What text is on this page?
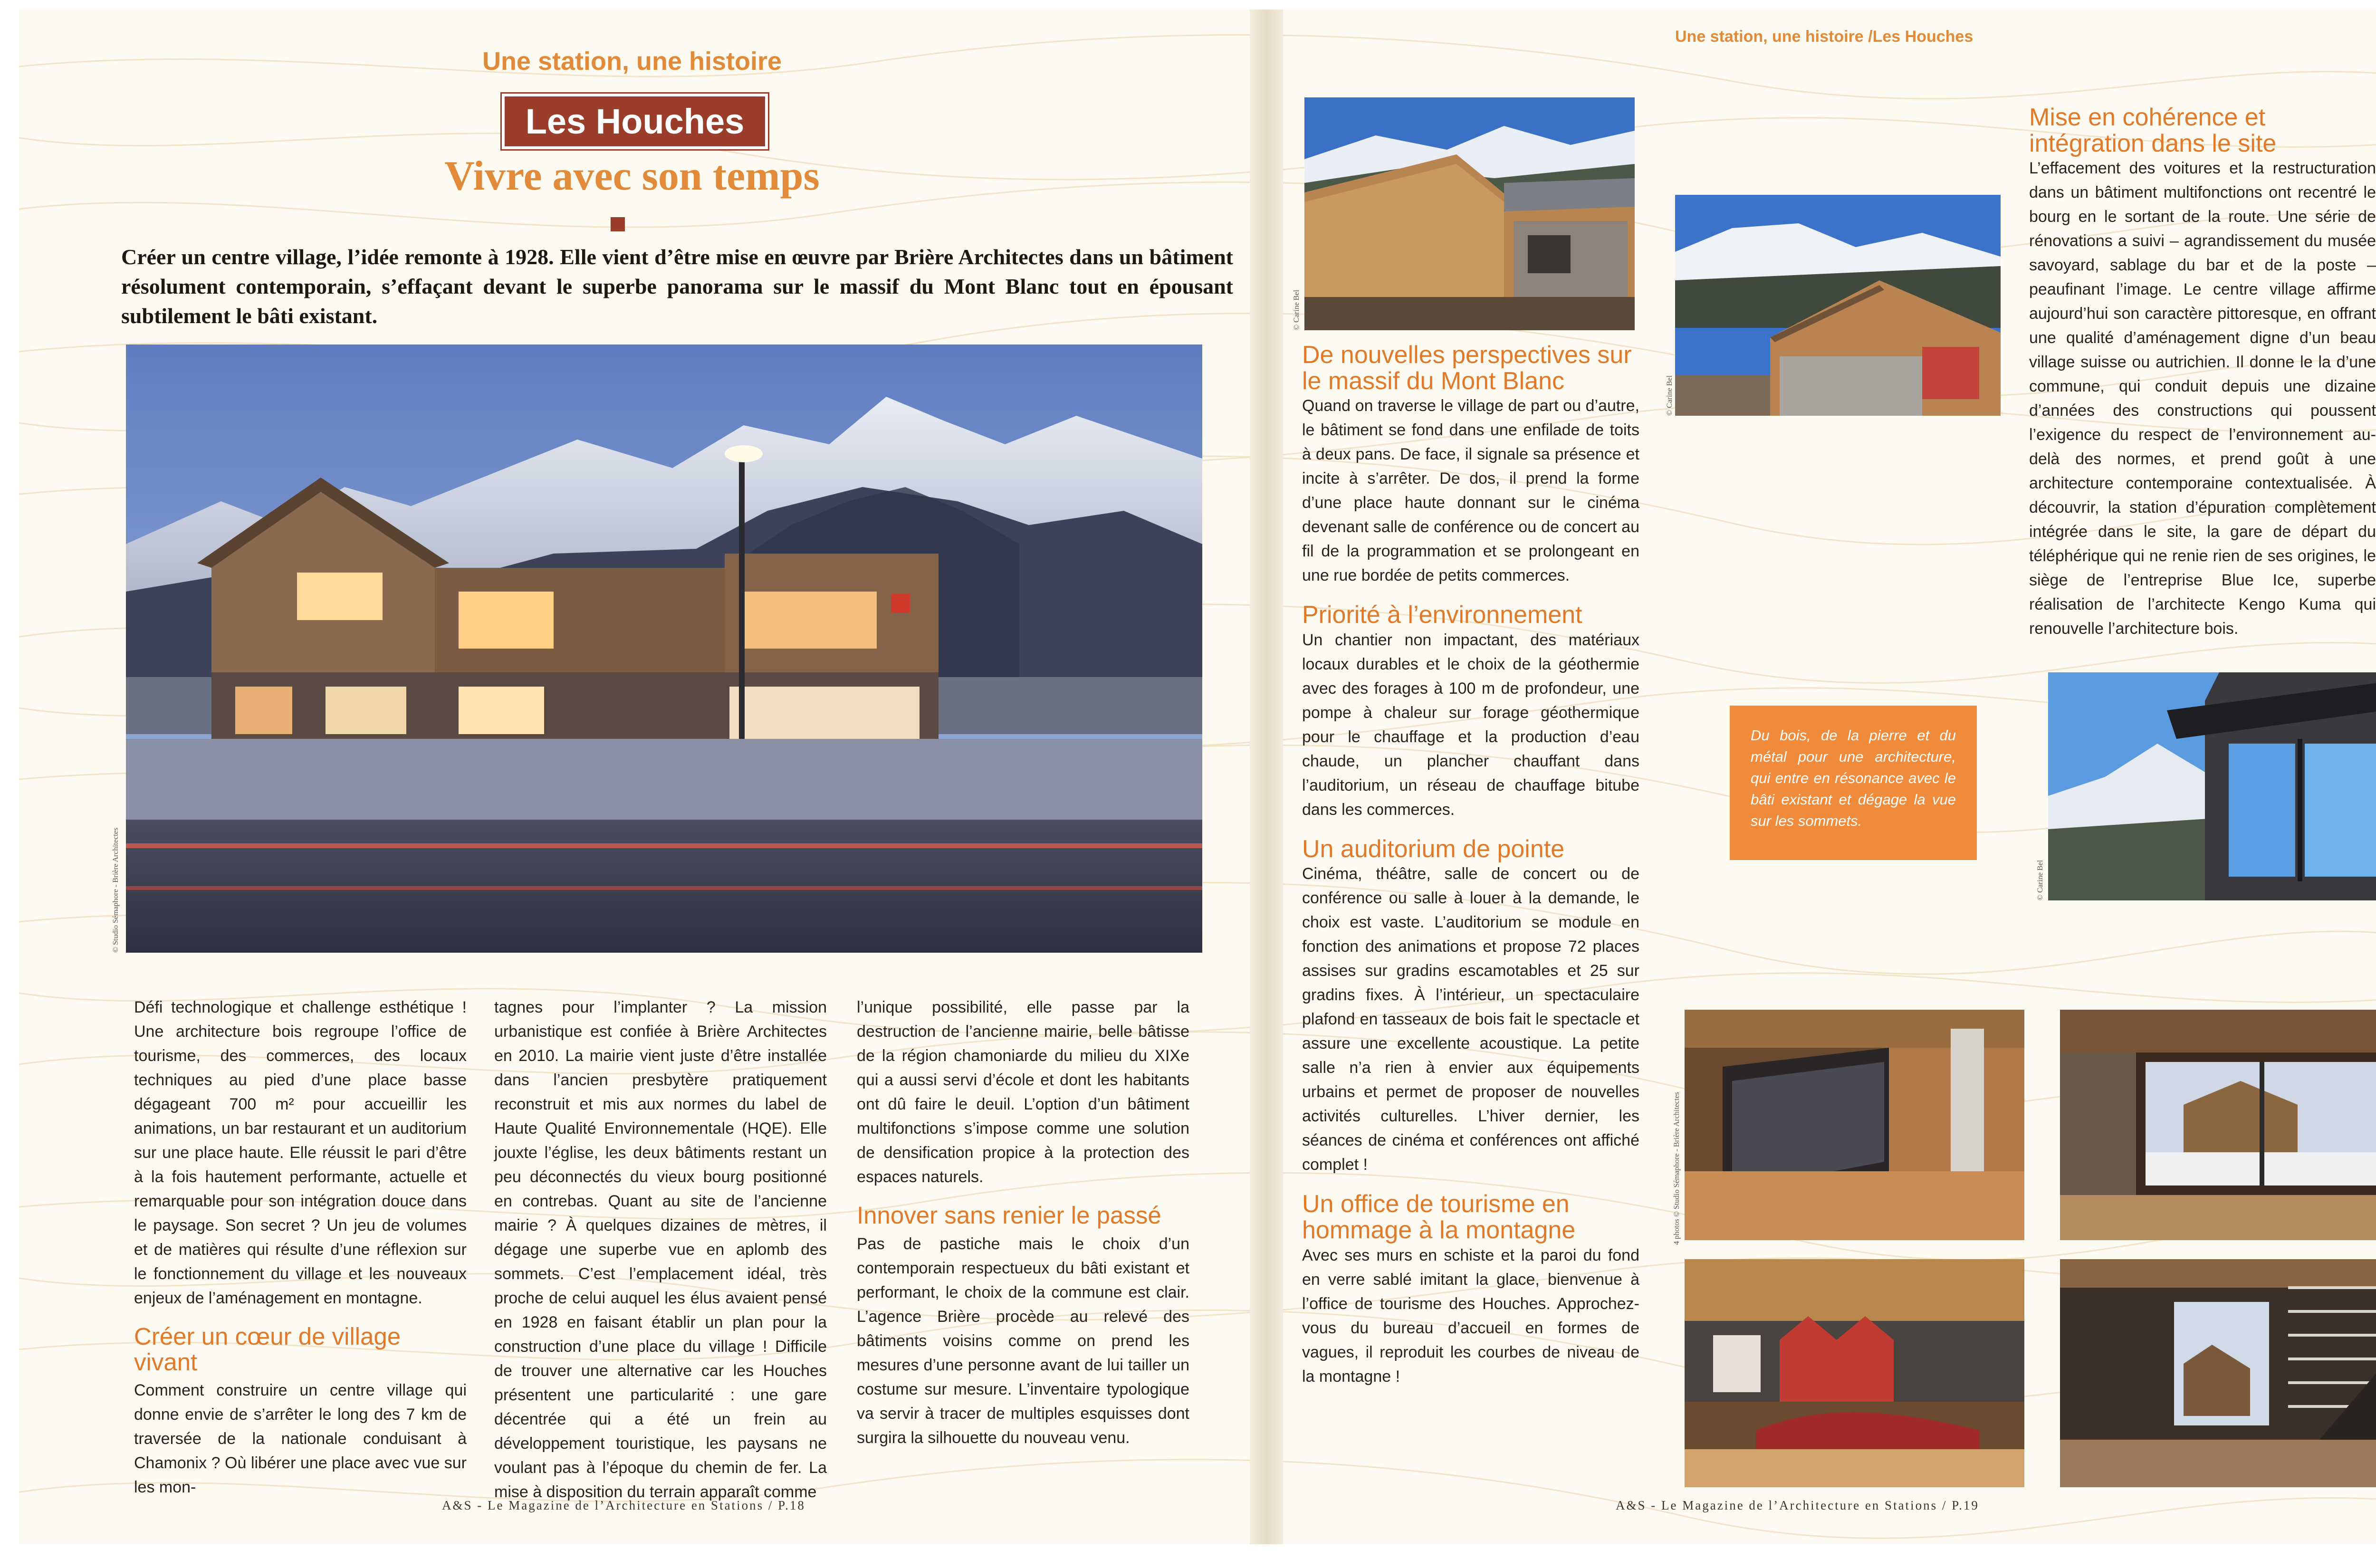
Une station, une histoire
Les Houches
Vivre avec son temps
Créer un centre village, l’idée remonte à 1928. Elle vient d’être mise en œuvre par Brière Architectes dans un bâtiment résolument contemporain, s’effaçant devant le superbe panorama sur le massif du Mont Blanc tout en épousant subtilement le bâti existant.
© Studio Sémaphore - Brière Architectes

Défi technologique et challenge esthétique ! Une architecture bois regroupe l’office de tourisme, des commerces, des locaux techniques au pied d’une place basse dégageant 700 m² pour accueillir les animations, un bar restaurant et un auditorium sur une place haute. Elle réussit le pari d’être à la fois hautement performante, actuelle et remarquable pour son intégration douce dans le paysage. Son secret ? Un jeu de volumes et de matières qui résulte d’une réflexion sur le fonctionnement du village et les nouveaux enjeux de l’aménagement en montagne.

Créer un cœur de village vivant

Comment construire un centre village qui donne envie de s’arrêter le long des 7 km de traversée de la nationale conduisant à Chamonix ? Où libérer une place avec vue sur les mon-

tagnes pour l’implanter ? La mission urbanistique est confiée à Brière Architectes en 2010. La mairie vient juste d’être installée dans l’ancien presbytère pratiquement reconstruit et mis aux normes du label de Haute Qualité Environnementale (HQE). Elle jouxte l’église, les deux bâtiments restant un peu déconnectés du vieux bourg positionné en contrebas. Quant au site de l’ancienne mairie ? À quelques dizaines de mètres, il dégage une superbe vue en aplomb des sommets. C’est l’emplacement idéal, très proche de celui auquel les élus avaient pensé en 1928 en faisant établir un plan pour la construction d’une place du village ! Difficile de trouver une alternative car les Houches présentent une particularité : une gare décentrée qui a été un frein au développement touristique, les paysans ne voulant pas à l’époque du chemin de fer. La mise à disposition du terrain apparaît comme

l’unique possibilité, elle passe par la destruction de l’ancienne mairie, belle bâtisse de la région chamoniarde du milieu du XIXe qui a aussi servi d’école et dont les habitants ont dû faire le deuil. L’option d’un bâtiment multifonctions s’impose comme une solution de densification propice à la protection des espaces naturels.

Innover sans renier le passé

Pas de pastiche mais le choix d’un contemporain respectueux du bâti existant et performant, le choix de la commune est clair. L’agence Brière procède au relevé des bâtiments voisins comme on prend les mesures d’une personne avant de lui tailler un costume sur mesure. L’inventaire typologique va servir à tracer de multiples esquisses dont surgira la silhouette du nouveau venu.

A&S - Le Magazine de l’Architecture en Stations / P.18
Une station, une histoire /Les Houches
© Carine Bel
© Carine Bel
De nouvelles perspectives sur le massif du Mont Blanc

Quand on traverse le village de part ou d’autre, le bâtiment se fond dans une enfilade de toits à deux pans. De face, il signale sa présence et incite à s’arrêter. De dos, il prend la forme d’une place haute donnant sur le cinéma devenant salle de conférence ou de concert au fil de la programmation et se prolongeant en une rue bordée de petits commerces.

Priorité à l’environnement

Un chantier non impactant, des matériaux locaux durables et le choix de la géothermie avec des forages à 100 m de profondeur, une pompe à chaleur sur forage géothermique pour le chauffage et la production d’eau chaude, un plancher chauffant dans l’auditorium, un réseau de chauffage bitube dans les commerces.

Un auditorium de pointe

Cinéma, théâtre, salle de concert ou de conférence ou salle à louer à la demande, le choix est vaste. L’auditorium se module en fonction des animations et propose 72 places assises sur gradins escamotables et 25 sur gradins fixes. À l’intérieur, un spectaculaire plafond en tasseaux de bois fait le spectacle et assure une excellente acoustique. La petite salle n’a rien à envier aux équipements urbains et permet de proposer de nouvelles activités culturelles. L’hiver dernier, les séances de cinéma et conférences ont affiché complet !

Un office de tourisme en hommage à la montagne

Avec ses murs en schiste et la paroi du fond en verre sablé imitant la glace, bienvenue à l’office de tourisme des Houches. Approchez-vous du bureau d’accueil en formes de vagues, il reproduit les courbes de niveau de la montagne !

Mise en cohérence et intégration dans le site

L’effacement des voitures et la restructuration dans un bâtiment multifonctions ont recentré le bourg en le sortant de la route. Une série de rénovations a suivi – agrandissement du musée savoyard, sablage du bar et de la poste – peaufinant l’image. Le centre village affirme aujourd’hui son caractère pittoresque, en offrant une qualité d’aménagement digne d’un beau village suisse ou autrichien. Il donne le la d’une commune, qui conduit depuis une dizaine d’années des constructions qui poussent l’exigence du respect de l’environnement au-delà des normes, et prend goût à une architecture contemporaine contextualisée. À découvrir, la station d’épuration complètement intégrée dans le site, la gare de départ du téléphérique qui ne renie rien de ses origines, le siège de l’entreprise Blue Ice, superbe réalisation de l’architecte Kengo Kuma qui renouvelle l’architecture bois.

Du bois, de la pierre et du métal pour une architecture, qui entre en résonance avec le bâti existant et dégage la vue sur les sommets.
© Carine Bel
4 photos © Studio Sémaphore - Brière Architectes
A&S - Le Magazine de l’Architecture en Stations / P.19
